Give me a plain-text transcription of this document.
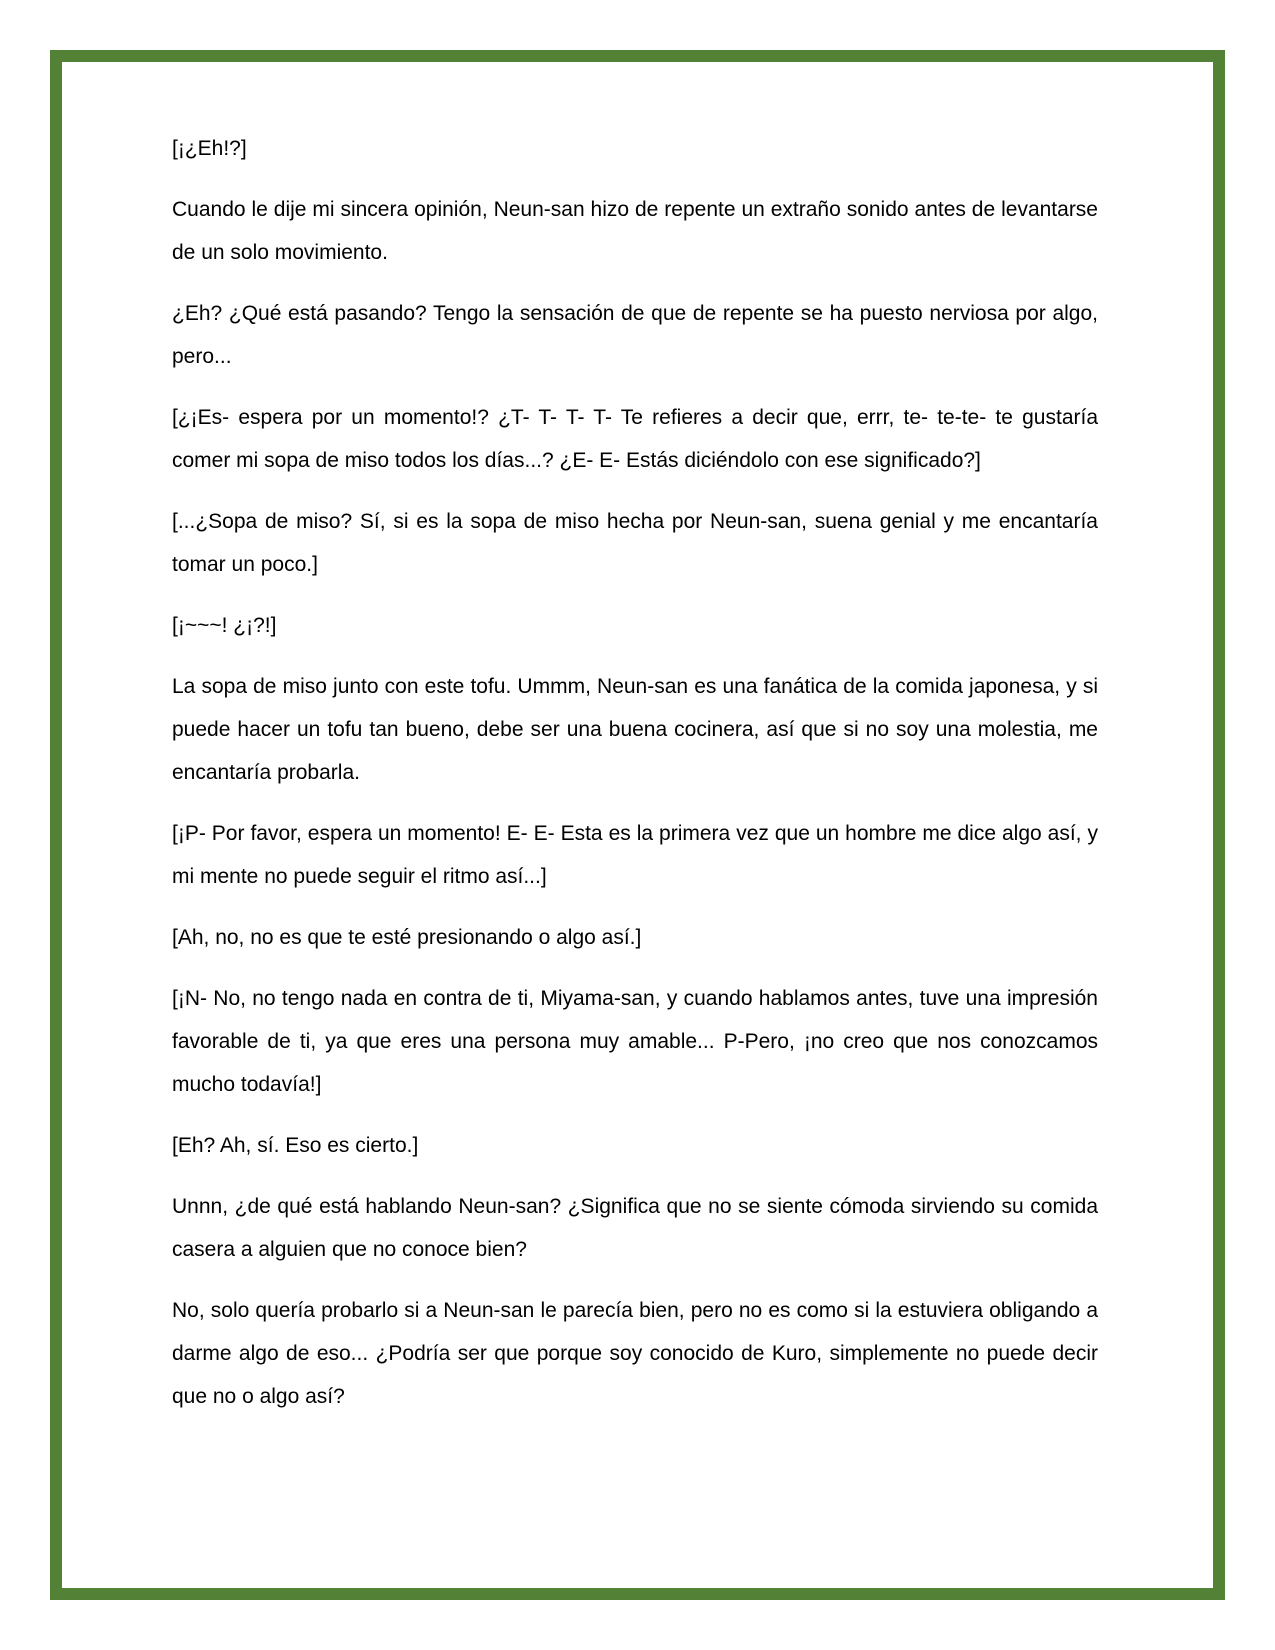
[¡¿Eh!?]

Cuando le dije mi sincera opinión, Neun-san hizo de repente un extraño sonido antes de levantarse de un solo movimiento.

¿Eh? ¿Qué está pasando? Tengo la sensación de que de repente se ha puesto nerviosa por algo, pero...

[¿¡Es- espera por un momento!? ¿T- T- T- T- Te refieres a decir que, errr, te- te-te- te gustaría comer mi sopa de miso todos los días...? ¿E- E- Estás diciéndolo con ese significado?]

[...¿Sopa de miso? Sí, si es la sopa de miso hecha por Neun-san, suena genial y me encantaría tomar un poco.]

[¡~~~! ¿¡?!]

La sopa de miso junto con este tofu. Ummm, Neun-san es una fanática de la comida japonesa, y si puede hacer un tofu tan bueno, debe ser una buena cocinera, así que si no soy una molestia, me encantaría probarla.

[¡P- Por favor, espera un momento! E- E- Esta es la primera vez que un hombre me dice algo así, y mi mente no puede seguir el ritmo así...]

[Ah, no, no es que te esté presionando o algo así.]

[¡N- No, no tengo nada en contra de ti, Miyama-san, y cuando hablamos antes, tuve una impresión favorable de ti, ya que eres una persona muy amable... P-Pero, ¡no creo que nos conozcamos mucho todavía!]

[Eh? Ah, sí. Eso es cierto.]

Unnn, ¿de qué está hablando Neun-san? ¿Significa que no se siente cómoda sirviendo su comida casera a alguien que no conoce bien?

No, solo quería probarlo si a Neun-san le parecía bien, pero no es como si la estuviera obligando a darme algo de eso... ¿Podría ser que porque soy conocido de Kuro, simplemente no puede decir que no o algo así?
